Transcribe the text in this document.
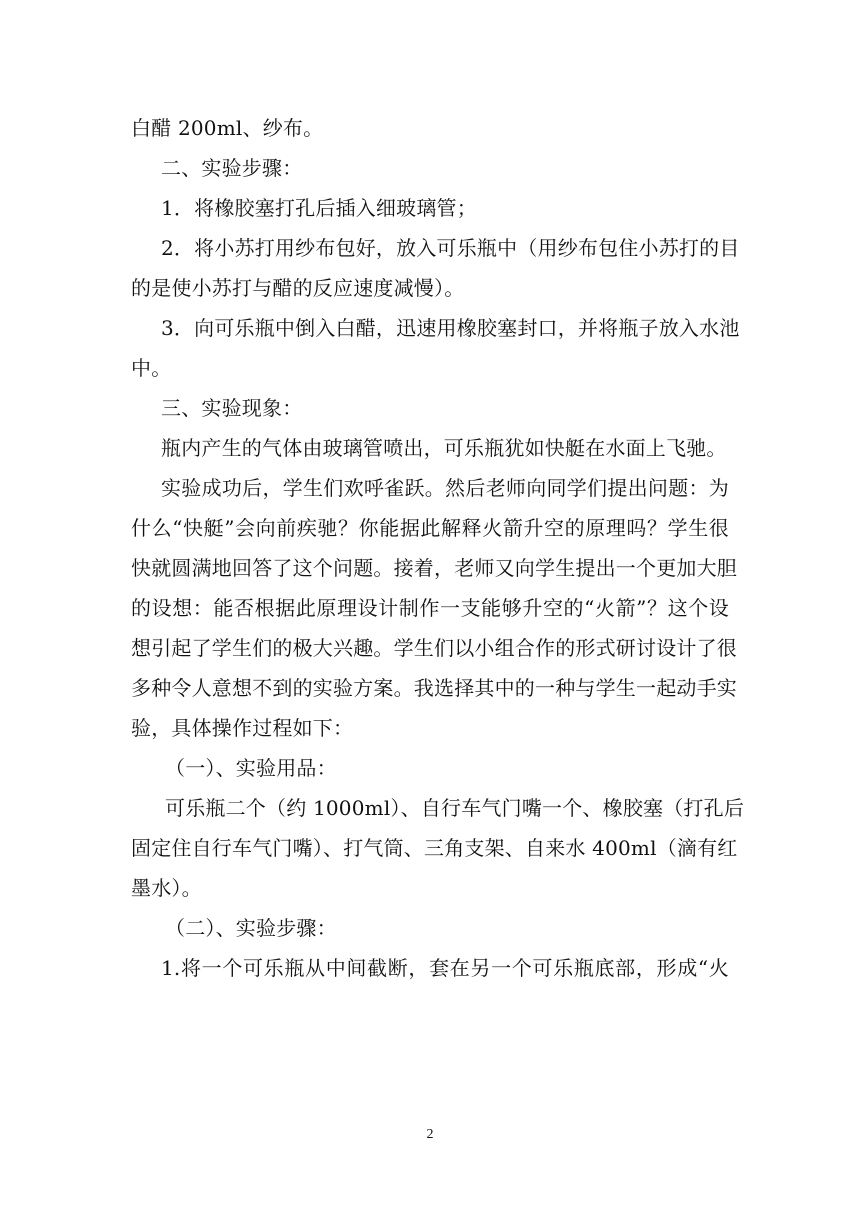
白醋 200ml、纱布。

二、实验步骤：

1．将橡胶塞打孔后插入细玻璃管；

2．将小苏打用纱布包好，放入可乐瓶中（用纱布包住小苏打的目

的是使小苏打与醋的反应速度减慢）。

3．向可乐瓶中倒入白醋，迅速用橡胶塞封口，并将瓶子放入水池

中。

三、实验现象：

瓶内产生的气体由玻璃管喷出，可乐瓶犹如快艇在水面上飞驰。

实验成功后，学生们欢呼雀跃。然后老师向同学们提出问题：为

什么“快艇”会向前疾驰？你能据此解释火箭升空的原理吗？学生很

快就圆满地回答了这个问题。接着，老师又向学生提出一个更加大胆

的设想：能否根据此原理设计制作一支能够升空的“火箭”？这个设

想引起了学生们的极大兴趣。学生们以小组合作的形式研讨设计了很

多种令人意想不到的实验方案。我选择其中的一种与学生一起动手实

验，具体操作过程如下：

（一）、实验用品：

可乐瓶二个（约 1000ml）、自行车气门嘴一个、橡胶塞（打孔后

固定住自行车气门嘴）、打气筒、三角支架、自来水 400ml（滴有红

墨水）。

（二）、实验步骤：

1.将一个可乐瓶从中间截断，套在另一个可乐瓶底部，形成“火

2
